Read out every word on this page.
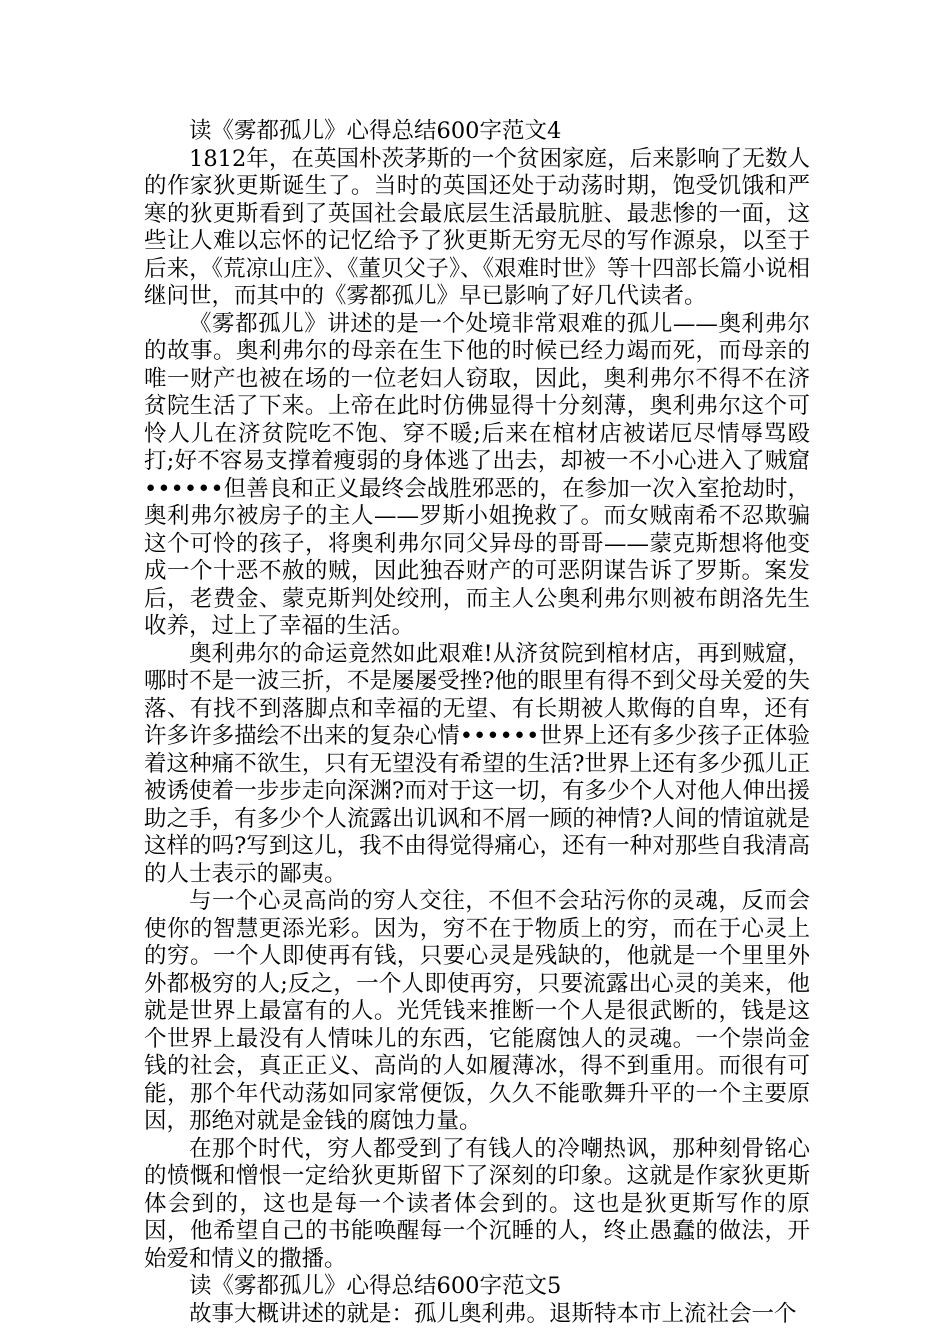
读《雾都孤儿》心得总结600字范文4

1812年，在英国朴茨茅斯的一个贫困家庭，后来影响了无数人的作家狄更斯诞生了。当时的英国还处于动荡时期，饱受饥饿和严寒的狄更斯看到了英国社会最底层生活最肮脏、最悲惨的一面，这些让人难以忘怀的记忆给予了狄更斯无穷无尽的写作源泉，以至于后来，《荒凉山庄》、《董贝父子》、《艰难时世》等十四部长篇小说相继问世，而其中的《雾都孤儿》早已影响了好几代读者。

《雾都孤儿》讲述的是一个处境非常艰难的孤儿——奥利弗尔的故事。奥利弗尔的母亲在生下他的时候已经力竭而死，而母亲的唯一财产也被在场的一位老妇人窃取，因此，奥利弗尔不得不在济贫院生活了下来。上帝在此时仿佛显得十分刻薄，奥利弗尔这个可怜人儿在济贫院吃不饱、穿不暖;后来在棺材店被诺厄尽情辱骂殴打;好不容易支撑着瘦弱的身体逃了出去，却被一不小心进入了贼窟••••••但善良和正义最终会战胜邪恶的，在参加一次入室抢劫时，奥利弗尔被房子的主人——罗斯小姐挽救了。而女贼南希不忍欺骗这个可怜的孩子，将奥利弗尔同父异母的哥哥——蒙克斯想将他变成一个十恶不赦的贼，因此独吞财产的可恶阴谋告诉了罗斯。案发后，老费金、蒙克斯判处绞刑，而主人公奥利弗尔则被布朗洛先生收养，过上了幸福的生活。

奥利弗尔的命运竟然如此艰难!从济贫院到棺材店，再到贼窟，哪时不是一波三折，不是屡屡受挫?他的眼里有得不到父母关爱的失落、有找不到落脚点和幸福的无望、有长期被人欺侮的自卑，还有许多许多描绘不出来的复杂心情••••••世界上还有多少孩子正体验着这种痛不欲生，只有无望没有希望的生活?世界上还有多少孤儿正被诱使着一步步走向深渊?而对于这一切，有多少个人对他人伸出援助之手，有多少个人流露出讥讽和不屑一顾的神情?人间的情谊就是这样的吗?写到这儿，我不由得觉得痛心，还有一种对那些自我清高的人士表示的鄙夷。

与一个心灵高尚的穷人交往，不但不会玷污你的灵魂，反而会使你的智慧更添光彩。因为，穷不在于物质上的穷，而在于心灵上的穷。一个人即使再有钱，只要心灵是残缺的，他就是一个里里外外都极穷的人;反之，一个人即使再穷，只要流露出心灵的美来，他就是世界上最富有的人。光凭钱来推断一个人是很武断的，钱是这个世界上最没有人情味儿的东西，它能腐蚀人的灵魂。一个崇尚金钱的社会，真正正义、高尚的人如履薄冰，得不到重用。而很有可能，那个年代动荡如同家常便饭，久久不能歌舞升平的一个主要原因，那绝对就是金钱的腐蚀力量。

在那个时代，穷人都受到了有钱人的冷嘲热讽，那种刻骨铭心的愤慨和憎恨一定给狄更斯留下了深刻的印象。这就是作家狄更斯体会到的，这也是每一个读者体会到的。这也是狄更斯写作的原因，他希望自己的书能唤醒每一个沉睡的人，终止愚蠢的做法，开始爱和情义的撒播。

读《雾都孤儿》心得总结600字范文5

故事大概讲述的就是：孤儿奥利弗。退斯特本市上流社会一个
